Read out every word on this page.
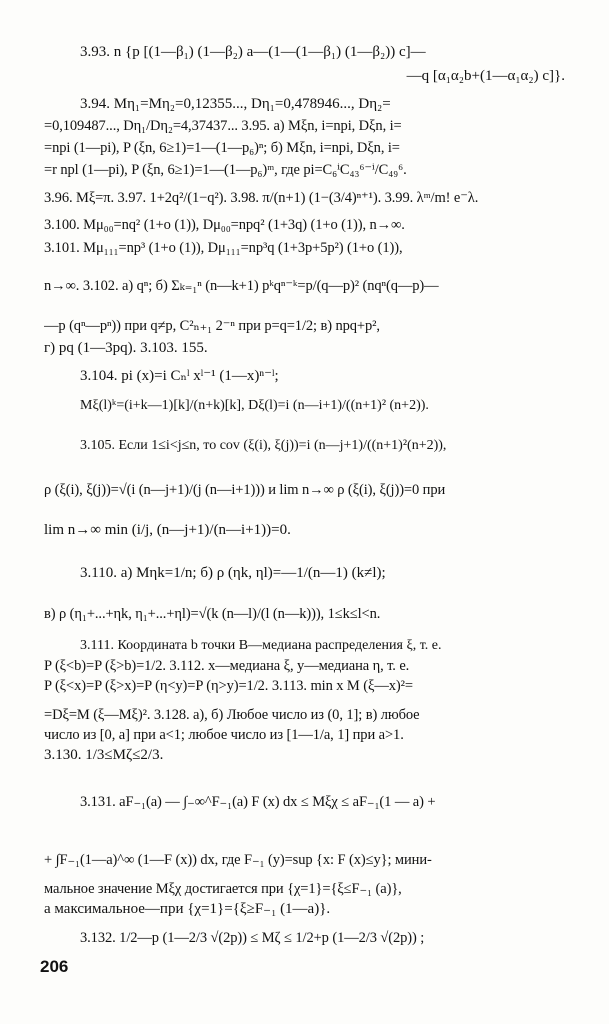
3.93. n {p [(1—β₁) (1—β₂) a—(1—(1—β₁) (1—β₂)) c]—
—q [α₁α₂b+(1—α₁α₂) c]}.
3.94. Mη₁=Mη₂=0,12355..., Dη₁=0,478946..., Dη₂=
=0,109487..., Dη₁/Dη₂=4,37437... 3.95. a) Mξn, i=npi, Dξn, i=
=npi (1—pi), P (ξn, 6≥1)=1—(1—p₆)ⁿ; б) Mξn, i=npi, Dξn, i=
=r npl (1—pi), P (ξn, 6≥1)=1—(1—p₆)ᵐ, где pi=C₆ⁱC₄₃⁶⁻ⁱ/C₄₉⁶.
3.96. Mξ=π. 3.97. 1+2q²/(1−q²). 3.98. π/(n+1) (1−(3/4)ⁿ⁺¹). 3.99. λᵐ/m! e⁻λ.
3.100. Mμ₀₀=nq² (1+o (1)), Dμ₀₀=npq² (1+3q) (1+o (1)), n→∞.
3.101. Mμ₁₁₁=np³ (1+o (1)), Dμ₁₁₁=np³q (1+3p+5p²) (1+o (1)),
n→∞. 3.102. a) qⁿ; б) Σₖ₌₁ⁿ (n—k+1) pᵏqⁿ⁻ᵏ=p/(q—p)² (nqⁿ(q—p)—
—p (qⁿ—pⁿ)) при q≠p, C²ₙ₊₁ 2⁻ⁿ при p=q=1/2; в) npq+p²,
г) pq (1—3pq). 3.103. 155.
3.104. pi (x)=i Cₙˡ xˡ⁻¹ (1—x)ⁿ⁻ˡ;
Mξ(l)ᵏ=(i+k—1)[k]/(n+k)[k], Dξ(l)=i (n—i+1)/((n+1)² (n+2)).
3.105. Если 1≤i<j≤n, то cov (ξ(i), ξ(j))=i (n—j+1)/((n+1)²(n+2)),
ρ (ξ(i), ξ(j))=√(i (n—j+1)/(j (n—i+1))) и lim n→∞ ρ (ξ(i), ξ(j))=0 при
lim n→∞ min (i/j, (n—j+1)/(n—i+1))=0.
3.110. a) Mηk=1/n; б) ρ (ηk, ηl)=—1/(n—1) (k≠l);
в) ρ (η₁+...+ηk, η₁+...+ηl)=√(k (n—l)/(l (n—k))), 1≤k≤l<n.
3.111. Координата b точки B—медиана распределения ξ, т. е.
P (ξ<b)=P (ξ>b)=1/2. 3.112. x—медиана ξ, y—медиана η, т. е.
P (ξ<x)=P (ξ>x)=P (η<y)=P (η>y)=1/2. 3.113. min x M (ξ—x)²=
=Dξ=M (ξ—Mξ)². 3.128. a), б) Любое число из (0, 1]; в) любое
число из [0, a] при a<1; любое число из [1—1/a, 1] при a>1.
3.130. 1/3≤Mζ≤2/3.
3.131. aF₋₁(a) — ∫₋∞^F₋₁(a) F (x) dx ≤ Mξχ ≤ aF₋₁(1 — a) +
+ ∫F₋₁(1—a)^∞ (1—F (x)) dx, где F₋₁ (y)=sup {x: F (x)≤y}; мини-
мальное значение Mξχ достигается при {χ=1}={ξ≤F₋₁ (a)},
а максимальное—при {χ=1}={ξ≥F₋₁ (1—a)}.
3.132. 1/2—p (1—2/3 √(2p)) ≤ Mζ ≤ 1/2+p (1—2/3 √(2p)) ;
206
